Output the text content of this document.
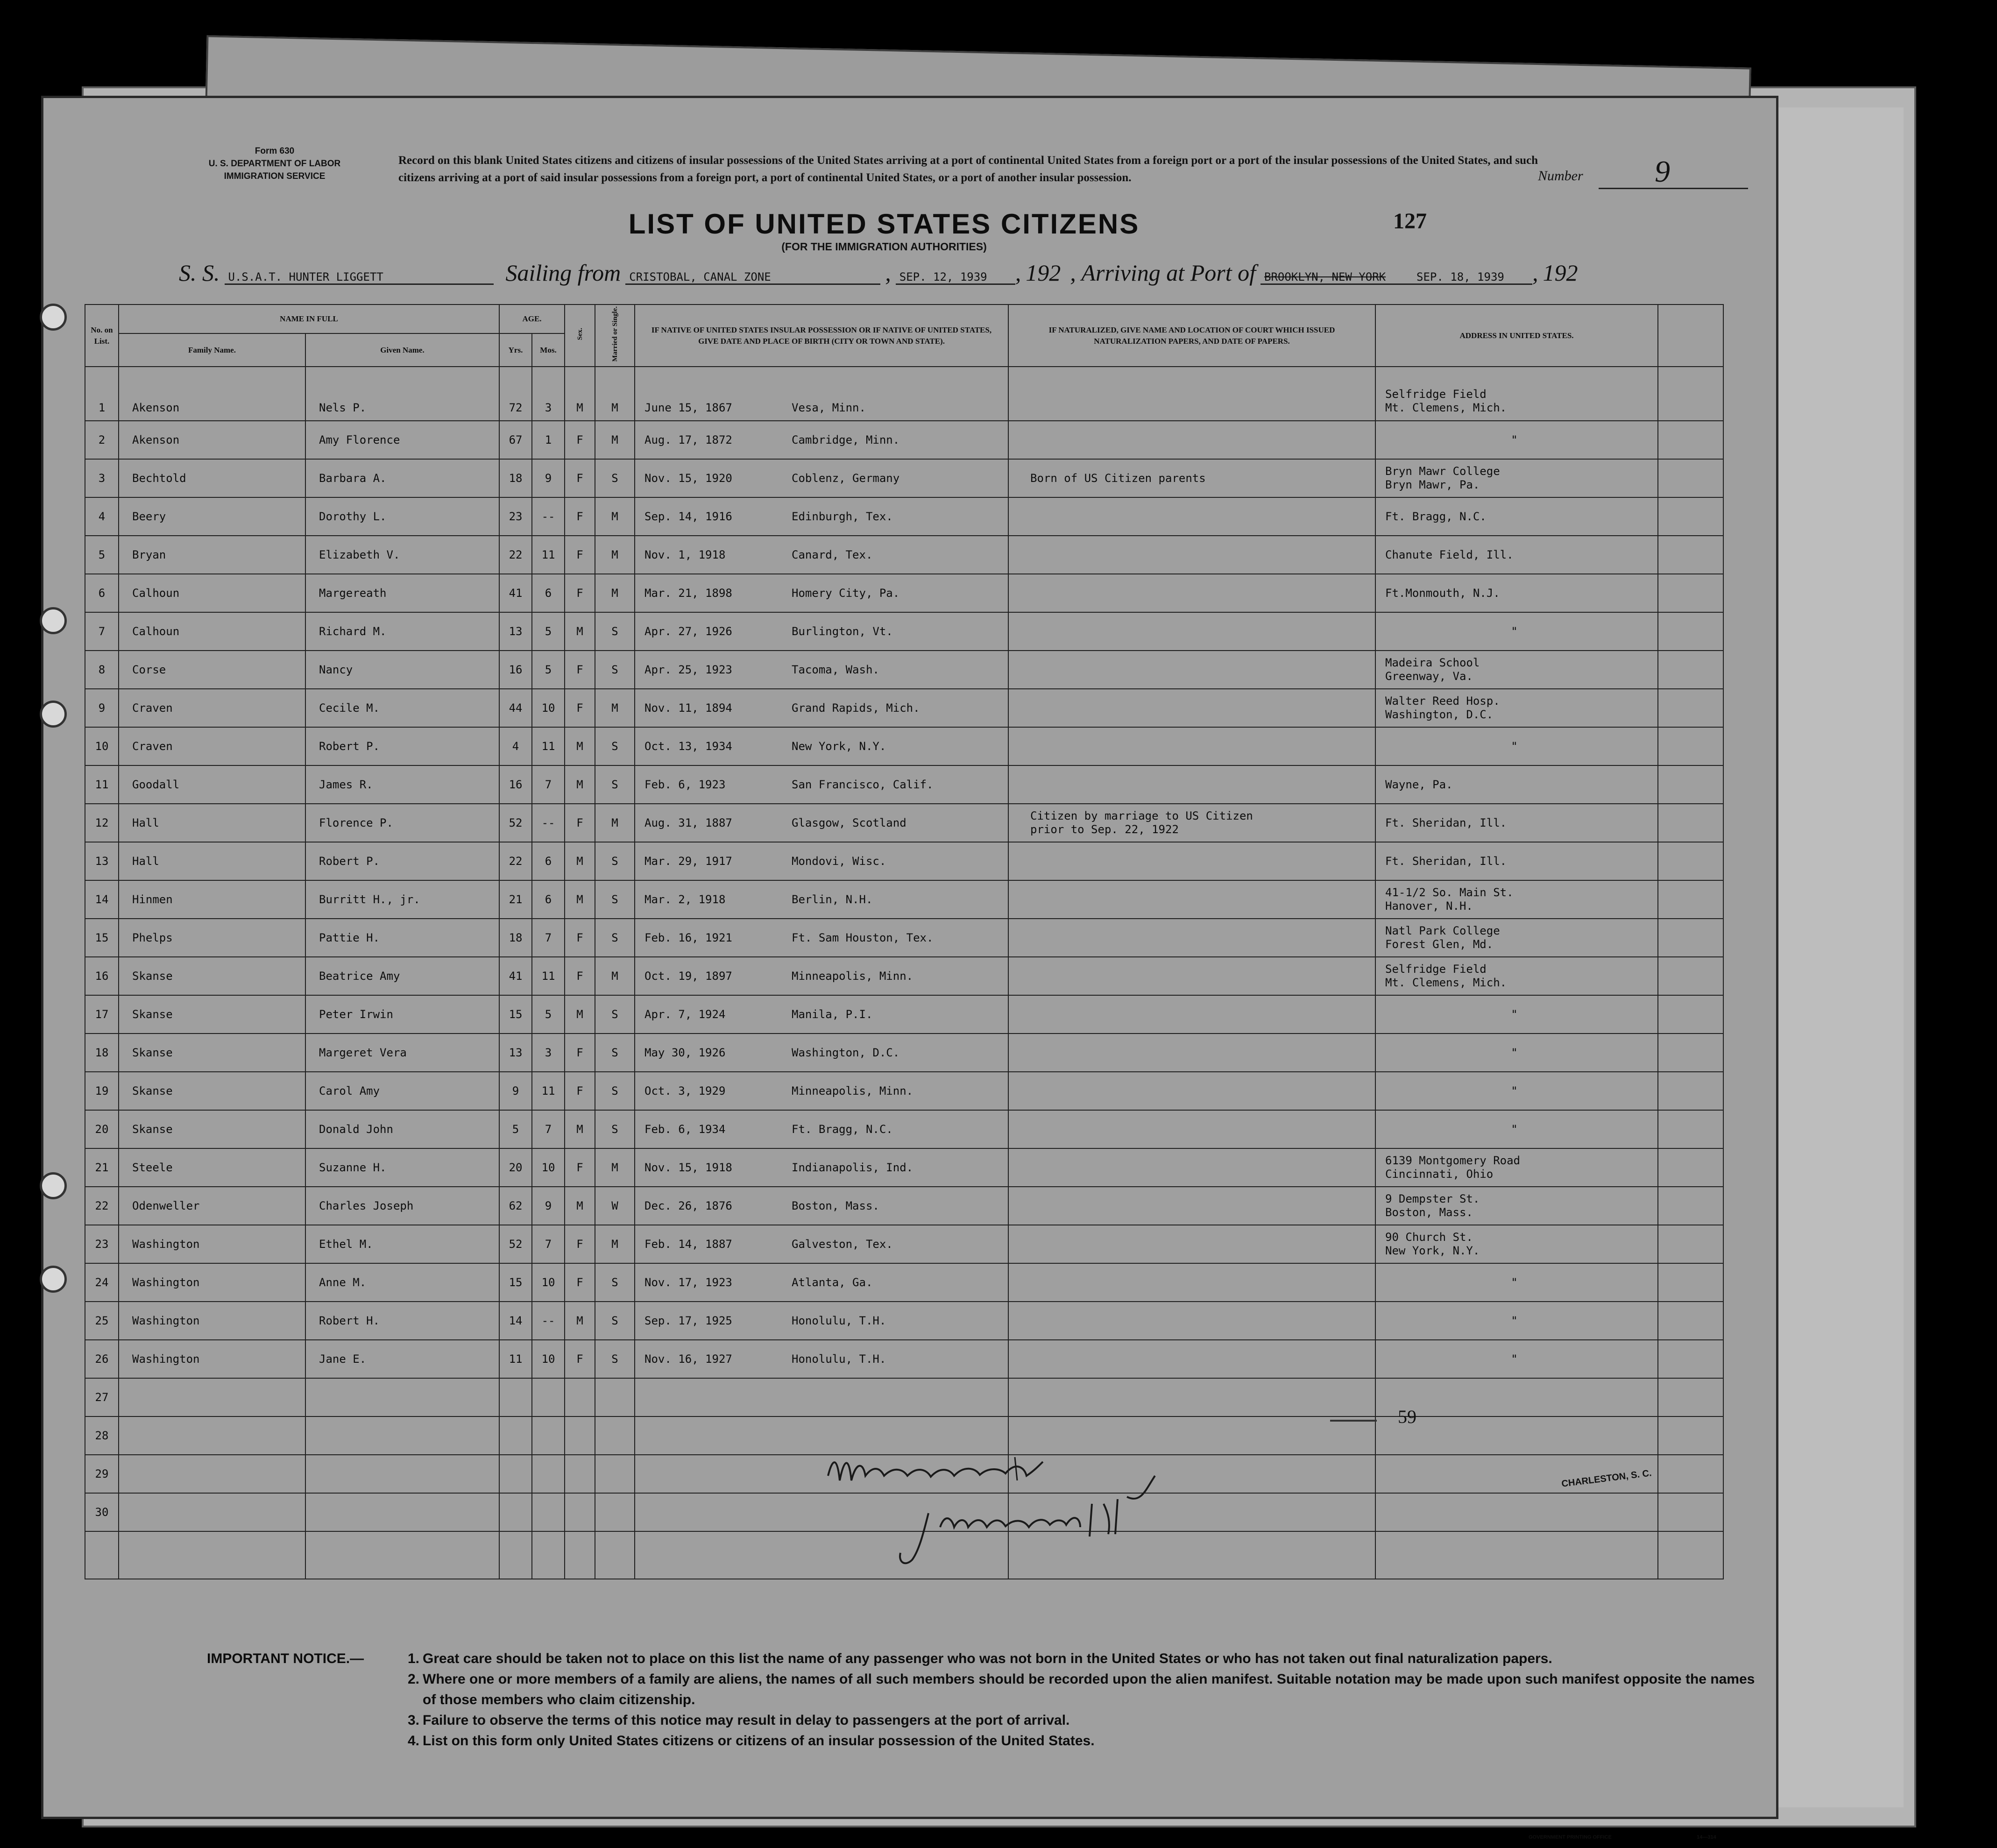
Form 630
U. S. DEPARTMENT OF LABOR
IMMIGRATION SERVICE
Record on this blank United States citizens and citizens of insular possessions of the United States arriving at a port of continental United States from a foreign port or a port of the insular possessions of the United States, and such citizens arriving at a port of said insular possessions from a foreign port, a port of continental United States, or a port of another insular possession.	Number 9
LIST OF UNITED STATES CITIZENS
(FOR THE IMMIGRATION AUTHORITIES)
127
S. S. U.S.A.T. HUNTER LIGGETT	Sailing from CRISTOBAL, CANAL ZONE	, SEP. 12, 1939	, 192 , Arriving at Port of BROOKLYN, NEW YORK	SEP. 18, 1939	, 192
No. on List.	NAME IN FULL		AGE.		Sex.	Married or Single.	IF NATIVE OF UNITED STATES INSULAR POSSESSION OR IF NATIVE OF UNITED STATES, GIVE DATE AND PLACE OF BIRTH (CITY OR TOWN AND STATE).	IF NATURALIZED, GIVE NAME AND LOCATION OF COURT WHICH ISSUED NATURALIZATION PAPERS, AND DATE OF PAPERS.	ADDRESS IN UNITED STATES.	
	Family Name.	Given Name.	Yrs.	Mos.						
1	Akenson	Nels P.	72	3	M	M	June 15, 1867 Vesa, Minn.		Selfridge Field
Mt. Clemens, Mich.	

2	Akenson	Amy Florence	67	1	F	M	Aug. 17, 1872 Cambridge, Minn.		"	

3	Bechtold	Barbara A.	18	9	F	S	Nov. 15, 1920 Coblenz, Germany	Born of US Citizen parents	Bryn Mawr College
Bryn Mawr, Pa.	

4	Beery	Dorothy L.	23	--	F	M	Sep. 14, 1916 Edinburgh, Tex.		Ft. Bragg, N.C.	

5	Bryan	Elizabeth V.	22	11	F	M	Nov. 1, 1918 Canard, Tex.		Chanute Field, Ill.	

6	Calhoun	Margereath	41	6	F	M	Mar. 21, 1898 Homery City, Pa.		Ft.Monmouth, N.J.	

7	Calhoun	Richard M.	13	5	M	S	Apr. 27, 1926 Burlington, Vt.		"	

8	Corse	Nancy	16	5	F	S	Apr. 25, 1923 Tacoma, Wash.		Madeira School
Greenway, Va.	

9	Craven	Cecile M.	44	10	F	M	Nov. 11, 1894 Grand Rapids, Mich.		Walter Reed Hosp.
Washington, D.C.	

10	Craven	Robert P.	4	11	M	S	Oct. 13, 1934 New York, N.Y.		"	

11	Goodall	James R.	16	7	M	S	Feb. 6, 1923 San Francisco, Calif.		Wayne, Pa.	

12	Hall	Florence P.	52	--	F	M	Aug. 31, 1887 Glasgow, Scotland	Citizen by marriage to US Citizen
prior to Sep. 22, 1922	Ft. Sheridan, Ill.	

13	Hall	Robert P.	22	6	M	S	Mar. 29, 1917 Mondovi, Wisc.		Ft. Sheridan, Ill.	

14	Hinmen	Burritt H., jr.	21	6	M	S	Mar. 2, 1918 Berlin, N.H.		41-1/2 So. Main St.
Hanover, N.H.	

15	Phelps	Pattie H.	18	7	F	S	Feb. 16, 1921 Ft. Sam Houston, Tex.		Natl Park College
Forest Glen, Md.	

16	Skanse	Beatrice Amy	41	11	F	M	Oct. 19, 1897 Minneapolis, Minn.		Selfridge Field
Mt. Clemens, Mich.	

17	Skanse	Peter Irwin	15	5	M	S	Apr. 7, 1924 Manila, P.I.		"	

18	Skanse	Margeret Vera	13	3	F	S	May 30, 1926 Washington, D.C.		"	

19	Skanse	Carol Amy	9	11	F	S	Oct. 3, 1929 Minneapolis, Minn.		"	

20	Skanse	Donald John	5	7	M	S	Feb. 6, 1934 Ft. Bragg, N.C.		"	

21	Steele	Suzanne H.	20	10	F	M	Nov. 15, 1918 Indianapolis, Ind.		6139 Montgomery Road
Cincinnati, Ohio	

22	Odenweller	Charles Joseph	62	9	M	W	Dec. 26, 1876 Boston, Mass.		9 Dempster St.
Boston, Mass.	

23	Washington	Ethel M.	52	7	F	M	Feb. 14, 1887 Galveston, Tex.		90 Church St.
New York, N.Y.	

24	Washington	Anne M.	15	10	F	S	Nov. 17, 1923 Atlanta, Ga.		"	

25	Washington	Robert H.	14	--	M	S	Sep. 17, 1925 Honolulu, T.H.		"	

26	Washington	Jane E.	11	10	F	S	Nov. 16, 1927 Honolulu, T.H.		"	

27										
28										
29										
30										

59
CHARLESTON, S. C.
IMPORTANT NOTICE.—	1. Great care should be taken not to place on this list the name of any passenger who was not born in the United States or who has not taken out final naturalization papers.
2. Where one or more members of a family are aliens, the names of all such members should be recorded upon the alien manifest. Suitable notation may be made upon such manifest opposite the names of those members who claim citizenship.
3. Failure to observe the terms of this notice may result in delay to passengers at the port of arrival.
4. List on this form only United States citizens or citizens of an insular possession of the United States.
GOVERNMENT PRINTING OFFICE	14—314
